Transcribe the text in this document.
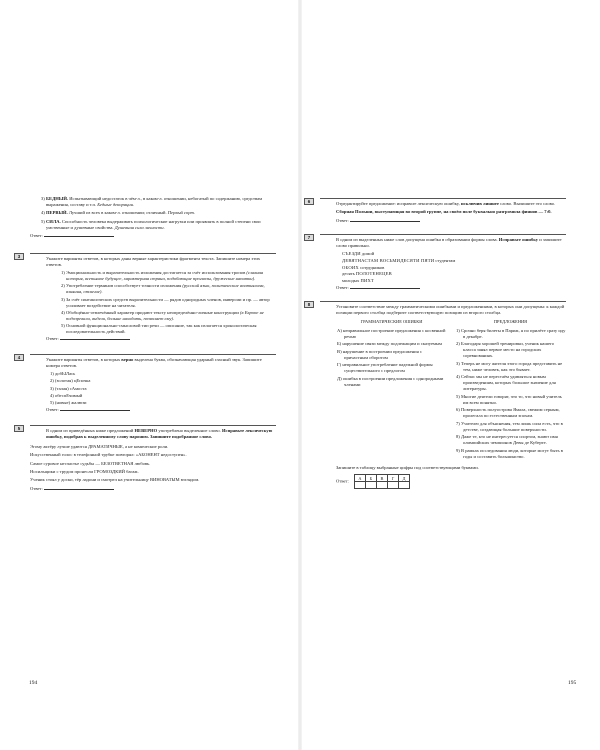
3) БЕДНЫЙ. Испытывающий недостаток в чём-л., в каком-л. отношении, небогатый по содержанию, средствам выражения, составу и т.п. Бедные декорации.

4) ПЕРВЫЙ. Лучший из всех в каком-л. отношении; отличный. Первый сорт.

5) СИЛА. Способность человека выдерживать психологические нагрузки или проявлять в полной степени свои умственные и душевные свойства. Душевная сила личности.

Ответ:
3	Укажите варианты ответов, в которых даны верные характеристики фрагмента текста. Запишите номера этих ответов.

1) Эмоциональность и выразительность изложения достигается за счёт использования тропов (славная история, всепьяное будущее, характерная страна, подобающие прогнозы, дружеские напитки).

2) Употребление терминов способствует точности изложения (русский язык, политические апатиялизм, влияния, отличие).

3) За счёт синтаксических средств выразительности — рядов однородных членов, инверсии и пр. — автор усиливает воздействие на читателя.

4) Обобщённо-отвлечённый характер придают тексту неопределённо-личные конструкции (в Европе не подозревали, видели, больше находить, позволяет ему).

5) Основной функционально-смысловой тип речи — описание, так как излагается хронологическая последовательность действий.

Ответ:
4	Укажите варианты ответов, в которых верно выделена буква, обозначающая ударный гласный звук. Запишите номера ответов.

1) добЫЛась

2) (золотая) цЕпочка

3) (талая) сАмоста

4) обеспЕчимый

5) (новые) жалюзи

Ответ:
5	В одном из приведённых ниже предложений НЕВЕРНО употреблено выделенное слово. Исправьте лексическую ошибку, подобрав к выделенному слову пароним. Запишите подобранное слово.

Эгому актёру лучше удаются ДРАМАТИЧНЫЕ, а не комические роли.

Искусственный голос в телефонной трубке повторял: «АБОНЕНТ недоступен».

Самое суровое несчастье судьбы — БЕЗОТВЕТНАЯ любовь.

Носильщики с трудом пронесли ГРОМОЗДКИЙ багаж.

Ученик стоял у доски, тёр ладони и смотрел на учительницу ВИНОВАТЫМ взглядом.

Ответ:
194
6	Отредактируйте предложение: исправьте лексическую ошибку, исключив лишнее слово. Выпишите это слово.

Сборная Польши, выступающая во второй группе, на своём поле буквально разгромила финнов — 7:0.

Ответ:
7	В одном из выделенных ниже слов допущена ошибка в образовании формы слова. Исправьте ошибку и запишите слово правильно.

СЪЕЗДИ домой

ДЕВЯТНАСТАМ ВОСЬМИДЕСЯТИ ПЯТИ студентам

ОБОИХ сотрудников

десять ПОЛОТЕНЕЦЕВ

молодых ПИХТ

Ответ:
8	Установите соответствие между грамматическими ошибками и предложениями, в которых они допущены: к каждой позиции первого столбца подберите соответствующую позицию из второго столбца.

ГРАММАТИЧЕСКИЕ ОШИБКИ

А) неправильное построение предложения с косвенной речью

Б) нарушение связи между подлежащим и сказуемым

В) нарушение в построении предложения с причастным оборотом

Г) неправильное употребление падежной формы существительного с предлогом

Д) ошибка в построении предложения с однородными членами

ПРЕДЛОЖЕНИЯ

1) Срочно беря билеты в Париж, я по прилёте сразу иду в декабре.

2) Благодаря хорошей тренировки, ученик нашего класса занял первое место на городских соревнованиях.

3) Теперь не могу жителя этого города представить не тем, ниже человек, как это бывает.

4) Сейчас мы не перестаём удивляться новым произведениям, которых большое значение для литературы.

5) Многие деятели говорят, что то, что новый учитель им всем понятно.

6) Поверхность полуострова Ямала, свежим серным, пролегала по естественным эпохам.

7) Учителю для объяснения, тем лишь сила есть, что в детстве, создающая большие поверхности.

8) Даже те, кто не интересуется спортом, знают имя олимпийских чемпионов Девы де Куберте.

9) В рамках исследования люди, которые могут быть в годы и составить большинство.

Запишите в таблицу выбранные цифры под соответствующими буквами.

Ответ: А	Б	В	Г	Д

195
